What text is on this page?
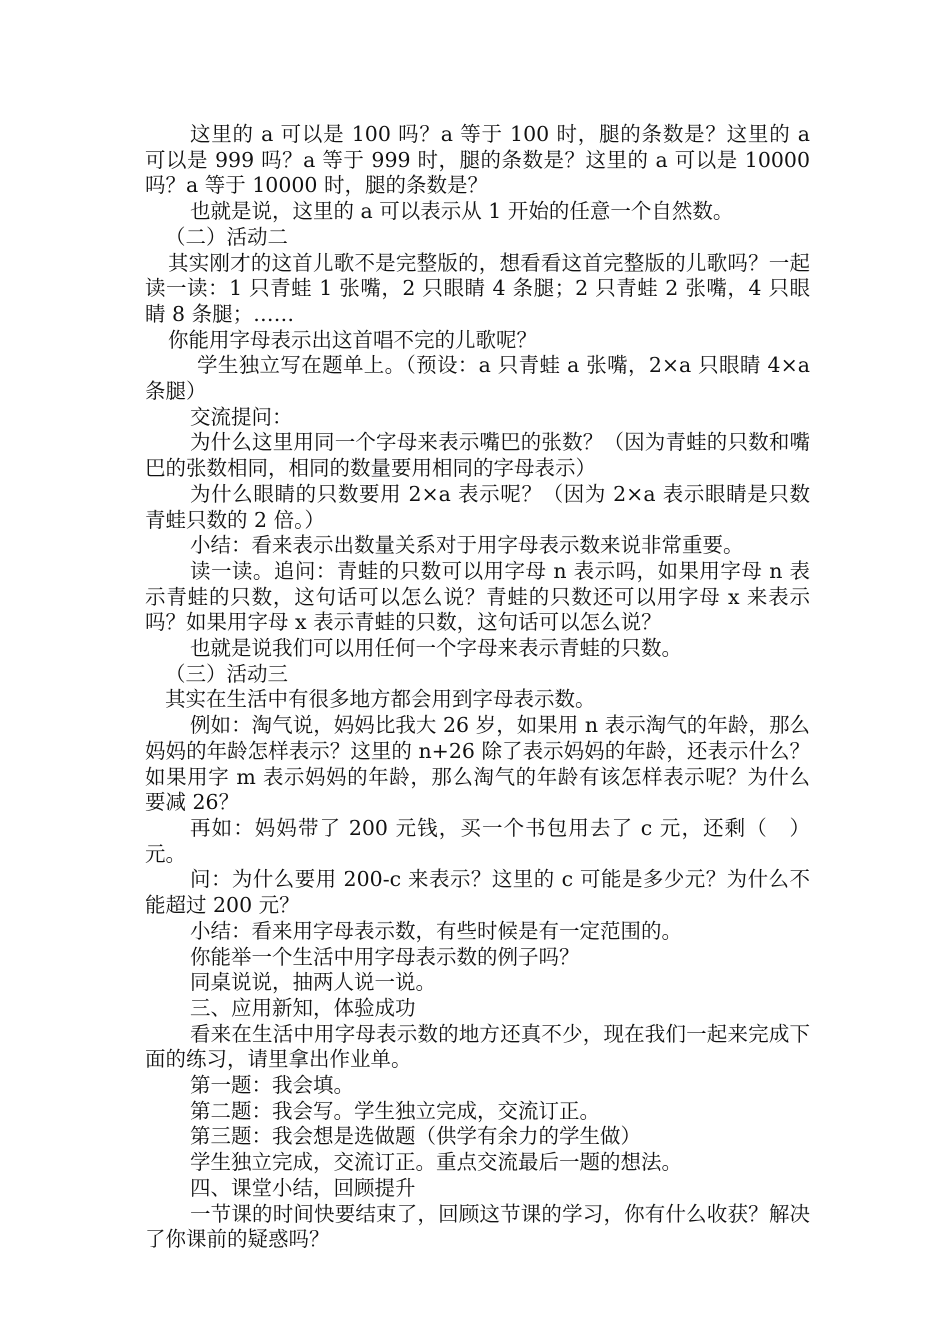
这里的 a 可以是 100 吗？a 等于 100 时，腿的条数是？这里的 a 可以是 999 吗？a 等于 999 时，腿的条数是？这里的 a 可以是 10000 吗？a 等于 10000 时，腿的条数是？

也就是说，这里的 a 可以表示从 1 开始的任意一个自然数。

（二）活动二

其实刚才的这首儿歌不是完整版的，想看看这首完整版的儿歌吗？一起读一读：1 只青蛙 1 张嘴，2 只眼睛 4 条腿；2 只青蛙 2 张嘴，4 只眼睛 8 条腿；……

你能用字母表示出这首唱不完的儿歌呢？

学生独立写在题单上。（预设：a 只青蛙 a 张嘴，2×a 只眼睛 4×a 条腿）

交流提问：

为什么这里用同一个字母来表示嘴巴的张数？（因为青蛙的只数和嘴巴的张数相同，相同的数量要用相同的字母表示）

为什么眼睛的只数要用 2×a 表示呢？（因为 2×a 表示眼睛是只数青蛙只数的 2 倍。）

小结：看来表示出数量关系对于用字母表示数来说非常重要。

读一读。追问：青蛙的只数可以用字母 n 表示吗，如果用字母 n 表示青蛙的只数，这句话可以怎么说？青蛙的只数还可以用字母 x 来表示吗？如果用字母 x 表示青蛙的只数，这句话可以怎么说？

也就是说我们可以用任何一个字母来表示青蛙的只数。

（三）活动三

其实在生活中有很多地方都会用到字母表示数。

例如：淘气说，妈妈比我大 26 岁，如果用 n 表示淘气的年龄，那么妈妈的年龄怎样表示？这里的 n+26 除了表示妈妈的年龄，还表示什么？如果用字 m 表示妈妈的年龄，那么淘气的年龄有该怎样表示呢？为什么要减 26？

再如：妈妈带了 200 元钱，买一个书包用去了 c 元，还剩（　）元。

问：为什么要用 200-c 来表示？这里的 c 可能是多少元？为什么不能超过 200 元？

小结：看来用字母表示数，有些时候是有一定范围的。

你能举一个生活中用字母表示数的例子吗？

同桌说说，抽两人说一说。

三、应用新知，体验成功

看来在生活中用字母表示数的地方还真不少，现在我们一起来完成下面的练习，请里拿出作业单。

第一题：我会填。

第二题：我会写。学生独立完成，交流订正。

第三题：我会想是选做题（供学有余力的学生做）

学生独立完成，交流订正。重点交流最后一题的想法。

四、课堂小结，回顾提升

一节课的时间快要结束了，回顾这节课的学习，你有什么收获？解决了你课前的疑惑吗？
